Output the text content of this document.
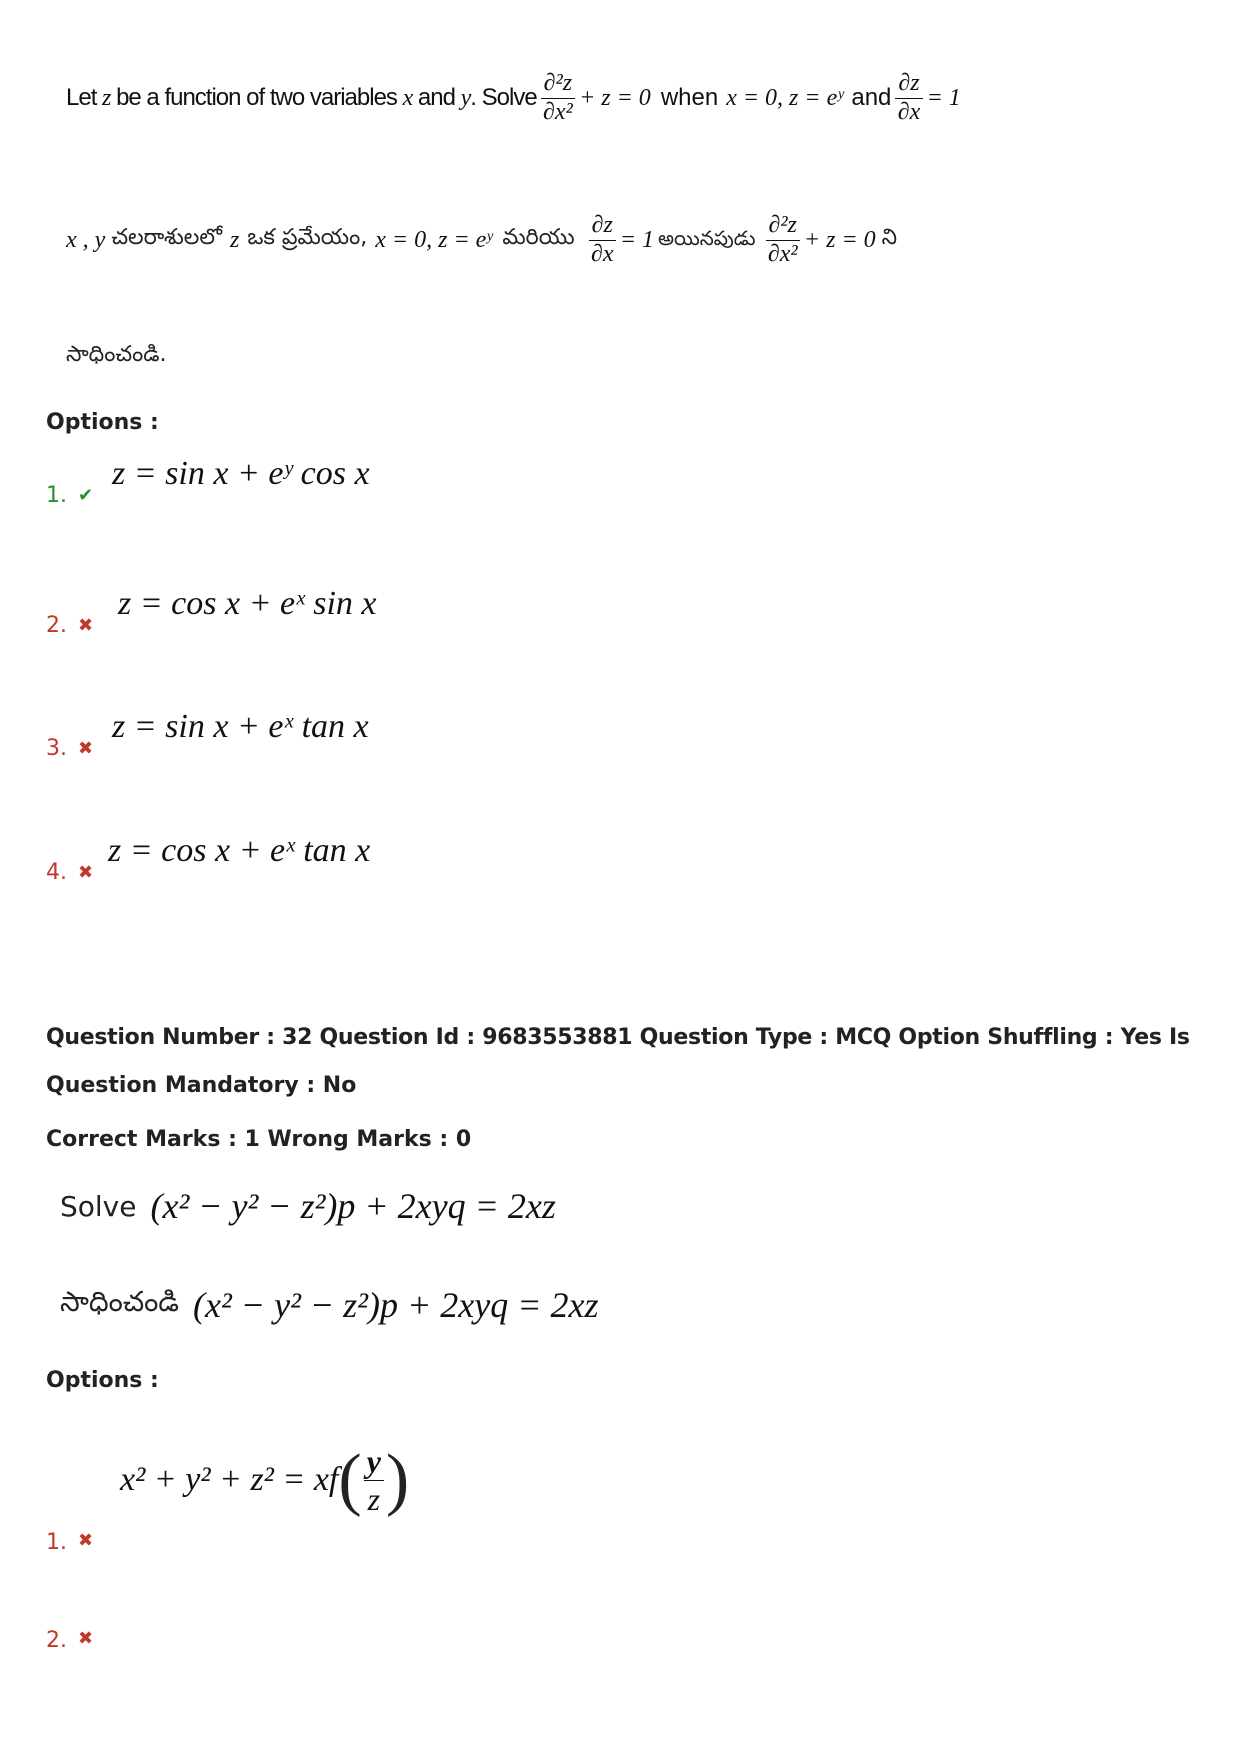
Let z be a function of two variables x and y. Solve $\frac{\text{∂²z}}{\text{∂x²}} + z = 0$ when x = 0, z = eʸ and $\frac{\partial z}{\partial x} = 1$
x , y చలరాశులలో z ఒక ప్రమేయం, x = 0, z = eʸ మరియు $\frac{\partial z}{\partial x} = 1$ అయినపుడు $\frac{\text{∂²z}}{\text{∂x²}} + z = 0$ ని
సాధించండి.
Options :
1. ✔
z = sin x + eʸ cos x
2. ✖
z = cos x + eˣ sin x
3. ✖
z = sin x + eˣ tan x
4. ✖
z = cos x + eˣ tan x
Question Number : 32 Question Id : 9683553881 Question Type : MCQ Option Shuffling : Yes Is
Question Mandatory : No
Correct Marks : 1 Wrong Marks : 0
Solve (x² − y² − z²)p + 2xyq = 2xz
సాధించండి (x² − y² − z²)p + 2xyq = 2xz
Options :
x² + y² + z² = xf ( $\frac{y}{z}$ )
1. ✖
2. ✖
